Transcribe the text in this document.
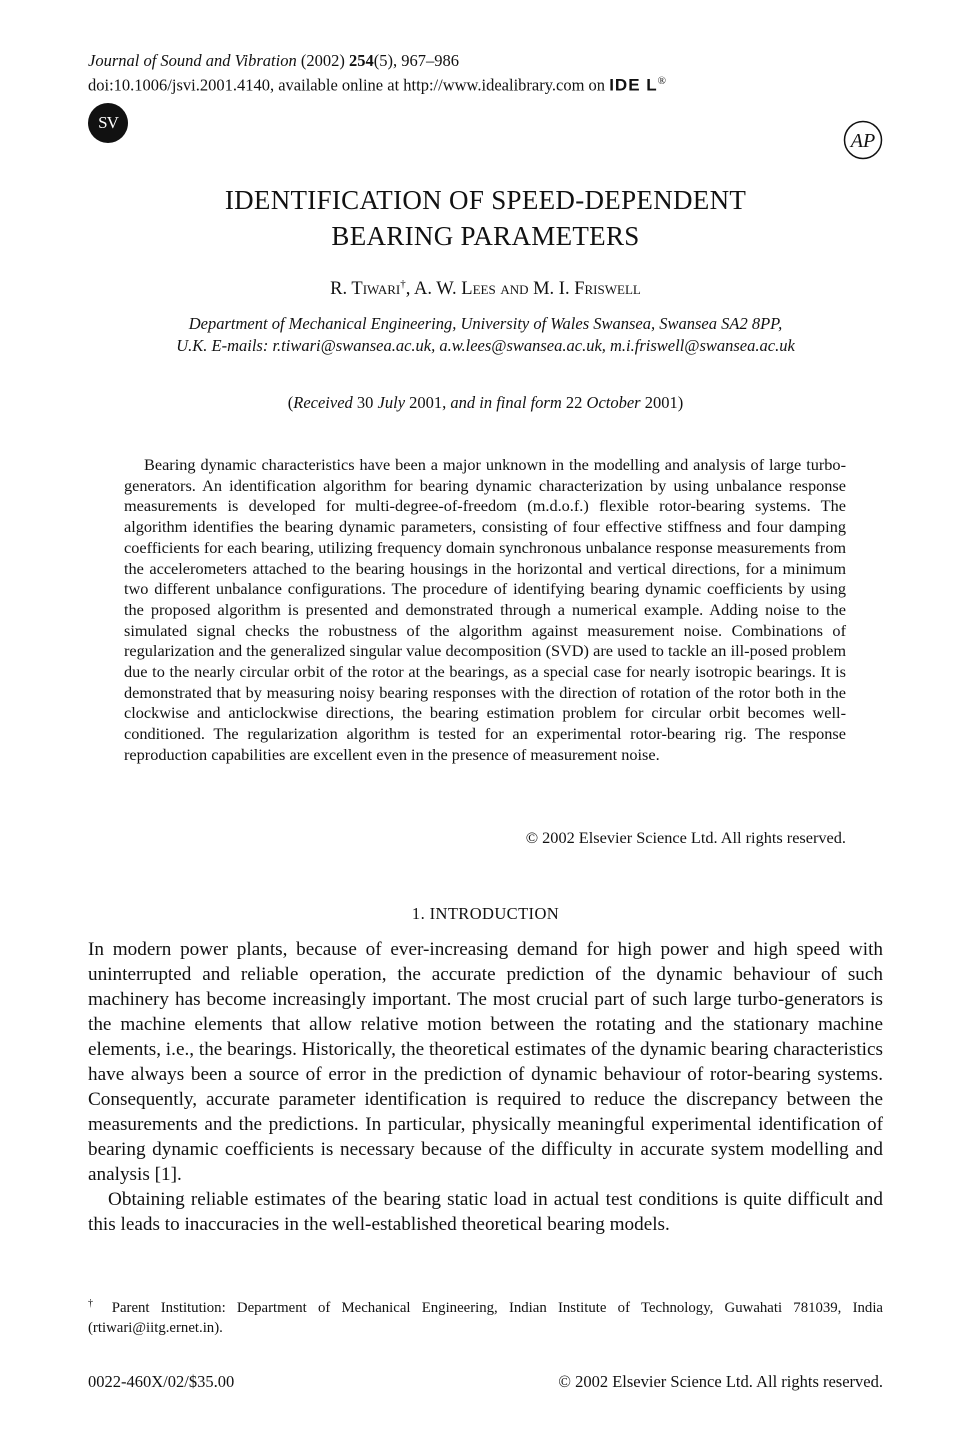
Journal of Sound and Vibration (2002) 254(5), 967–986
doi:10.1006/jsvi.2001.4140, available online at http://www.idealibrary.com on IDE L®
SV
AP
IDENTIFICATION OF SPEED-DEPENDENT
BEARING PARAMETERS
R. Tiwari†, A. W. Lees and M. I. Friswell
Department of Mechanical Engineering, University of Wales Swansea, Swansea SA2 8PP,
U.K. E-mails: r.tiwari@swansea.ac.uk, a.w.lees@swansea.ac.uk, m.i.friswell@swansea.ac.uk
(Received 30 July 2001, and in final form 22 October 2001)

Bearing dynamic characteristics have been a major unknown in the modelling and analysis of large turbo-generators. An identification algorithm for bearing dynamic characterization by using unbalance response measurements is developed for multi-degree-of-freedom (m.d.o.f.) flexible rotor-bearing systems. The algorithm identifies the bearing dynamic parameters, consisting of four effective stiffness and four damping coefficients for each bearing, utilizing frequency domain synchronous unbalance response measurements from the accelerometers attached to the bearing housings in the horizontal and vertical directions, for a minimum two different unbalance configurations. The procedure of identifying bearing dynamic coefficients by using the proposed algorithm is presented and demonstrated through a numerical example. Adding noise to the simulated signal checks the robustness of the algorithm against measurement noise. Combinations of regularization and the generalized singular value decomposition (SVD) are used to tackle an ill-posed problem due to the nearly circular orbit of the rotor at the bearings, as a special case for nearly isotropic bearings. It is demonstrated that by measuring noisy bearing responses with the direction of rotation of the rotor both in the clockwise and anticlockwise directions, the bearing estimation problem for circular orbit becomes well-conditioned. The regularization algorithm is tested for an experimental rotor-bearing rig. The response reproduction capabilities are excellent even in the presence of measurement noise.

© 2002 Elsevier Science Ltd. All rights reserved.
1. INTRODUCTION

In modern power plants, because of ever-increasing demand for high power and high speed with uninterrupted and reliable operation, the accurate prediction of the dynamic behaviour of such machinery has become increasingly important. The most crucial part of such large turbo-generators is the machine elements that allow relative motion between the rotating and the stationary machine elements, i.e., the bearings. Historically, the theoretical estimates of the dynamic bearing characteristics have always been a source of error in the prediction of dynamic behaviour of rotor-bearing systems. Consequently, accurate parameter identification is required to reduce the discrepancy between the measurements and the predictions. In particular, physically meaningful experimental identification of bearing dynamic coefficients is necessary because of the difficulty in accurate system modelling and analysis [1].

Obtaining reliable estimates of the bearing static load in actual test conditions is quite difficult and this leads to inaccuracies in the well-established theoretical bearing models.

† Parent Institution: Department of Mechanical Engineering, Indian Institute of Technology, Guwahati 781039, India (rtiwari@iitg.ernet.in).
0022-460X/02/$35.00	© 2002 Elsevier Science Ltd. All rights reserved.
